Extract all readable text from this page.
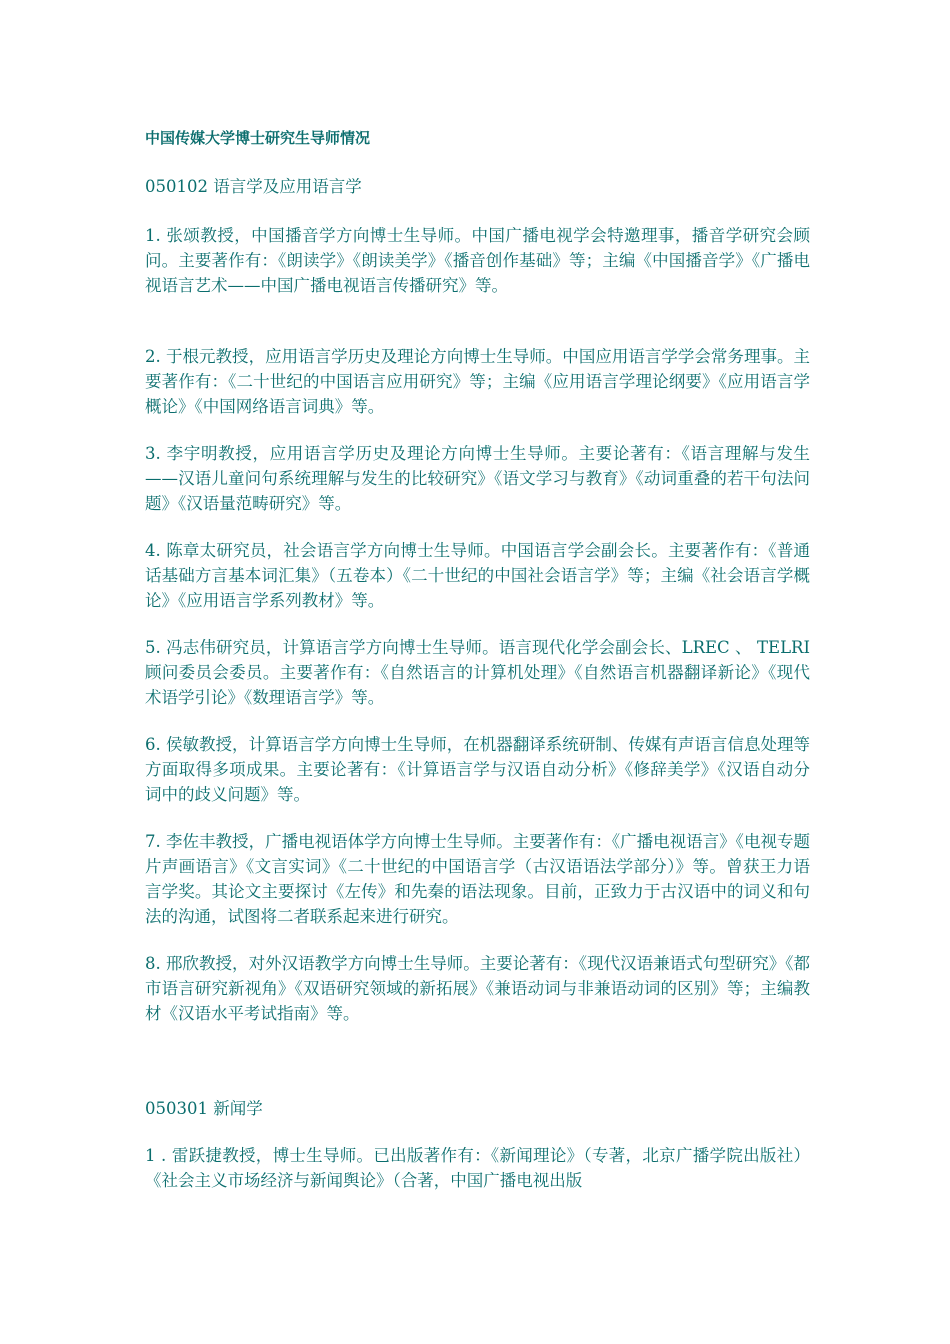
中国传媒大学博士研究生导师情况

050102 语言学及应用语言学

1. 张颂教授，中国播音学方向博士生导师。中国广播电视学会特邀理事，播音学研究会顾问。主要著作有：《朗读学》《朗读美学》《播音创作基础》等；主编《中国播音学》《广播电视语言艺术——中国广播电视语言传播研究》等。

2. 于根元教授，应用语言学历史及理论方向博士生导师。中国应用语言学学会常务理事。主要著作有：《二十世纪的中国语言应用研究》等；主编《应用语言学理论纲要》《应用语言学概论》《中国网络语言词典》等。

3. 李宇明教授，应用语言学历史及理论方向博士生导师。主要论著有：《语言理解与发生——汉语儿童问句系统理解与发生的比较研究》《语文学习与教育》《动词重叠的若干句法问题》《汉语量范畴研究》等。

4. 陈章太研究员，社会语言学方向博士生导师。中国语言学会副会长。主要著作有：《普通话基础方言基本词汇集》（五卷本）《二十世纪的中国社会语言学》等；主编《社会语言学概论》《应用语言学系列教材》等。

5. 冯志伟研究员，计算语言学方向博士生导师。语言现代化学会副会长、LREC 、 TELRI 顾问委员会委员。主要著作有：《自然语言的计算机处理》《自然语言机器翻译新论》《现代术语学引论》《数理语言学》等。

6. 侯敏教授，计算语言学方向博士生导师，在机器翻译系统研制、传媒有声语言信息处理等方面取得多项成果。主要论著有：《计算语言学与汉语自动分析》《修辞美学》《汉语自动分词中的歧义问题》等。

7. 李佐丰教授，广播电视语体学方向博士生导师。主要著作有：《广播电视语言》《电视专题片声画语言》《文言实词》《二十世纪的中国语言学（古汉语语法学部分）》等。曾获王力语言学奖。其论文主要探讨《左传》和先秦的语法现象。目前，正致力于古汉语中的词义和句法的沟通，试图将二者联系起来进行研究。

8. 邢欣教授，对外汉语教学方向博士生导师。主要论著有：《现代汉语兼语式句型研究》《都市语言研究新视角》《双语研究领域的新拓展》《兼语动词与非兼语动词的区别》等；主编教材《汉语水平考试指南》等。

050301 新闻学

1 . 雷跃捷教授，博士生导师。已出版著作有：《新闻理论》（专著，北京广播学院出版社）《社会主义市场经济与新闻舆论》（合著，中国广播电视出版
